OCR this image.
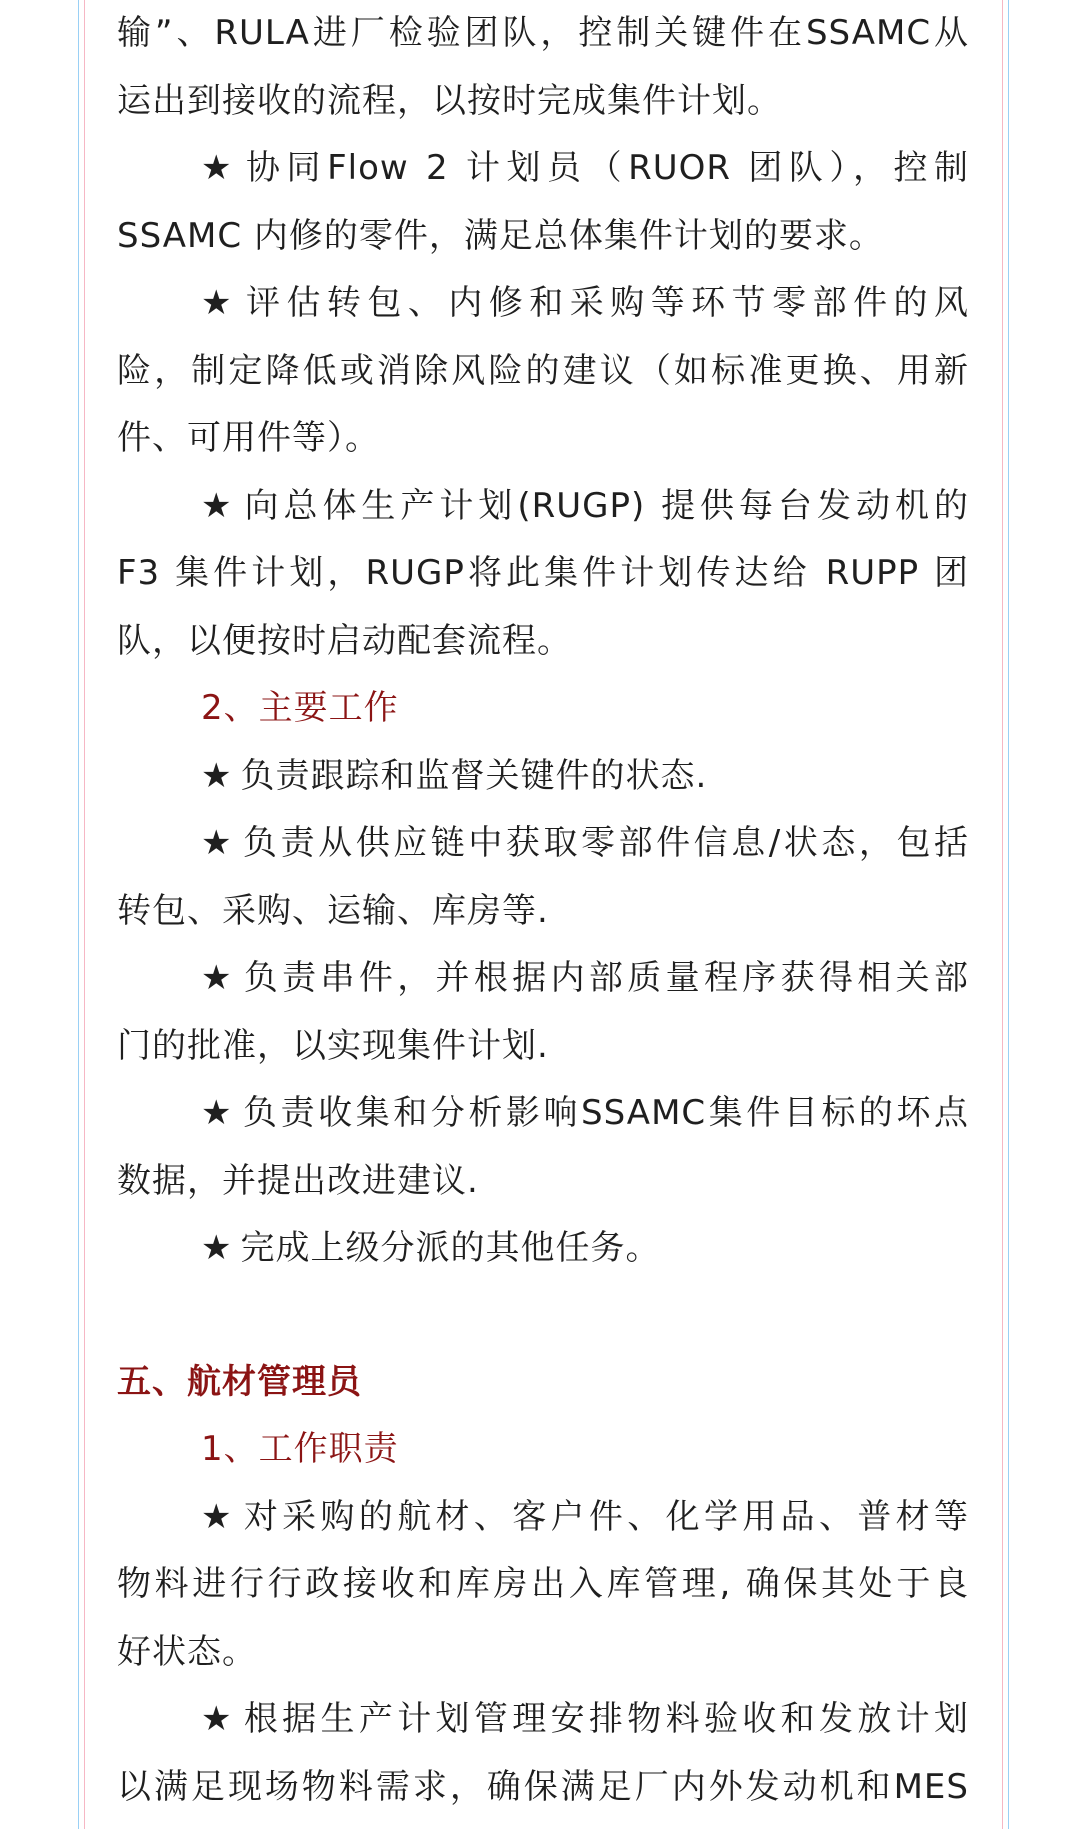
输”、RULA进厂检验团队，控制关键件在SSAMC从
运出到接收的流程，以按时完成集件计划。
★ 协同Flow 2 计划员（RUOR 团队），控制
SSAMC 内修的零件，满足总体集件计划的要求。
★ 评估转包、内修和采购等环节零部件的风
险，制定降低或消除风险的建议（如标准更换、用新
件、可用件等）。
★ 向总体生产计划(RUGP) 提供每台发动机的
F3 集件计划，RUGP将此集件计划传达给 RUPP 团
队，以便按时启动配套流程。
2、主要工作
★ 负责跟踪和监督关键件的状态.
★ 负责从供应链中获取零部件信息/状态，包括
转包、采购、运输、库房等.
★ 负责串件，并根据内部质量程序获得相关部
门的批准，以实现集件计划.
★ 负责收集和分析影响SSAMC集件目标的坏点
数据，并提出改进建议.
★ 完成上级分派的其他任务。
五、航材管理员
1、工作职责
★ 对采购的航材、客户件、化学用品、普材等
物料进行行政接收和库房出入库管理, 确保其处于良
好状态。
★ 根据生产计划管理安排物料验收和发放计划
以满足现场物料需求，确保满足厂内外发动机和MES
